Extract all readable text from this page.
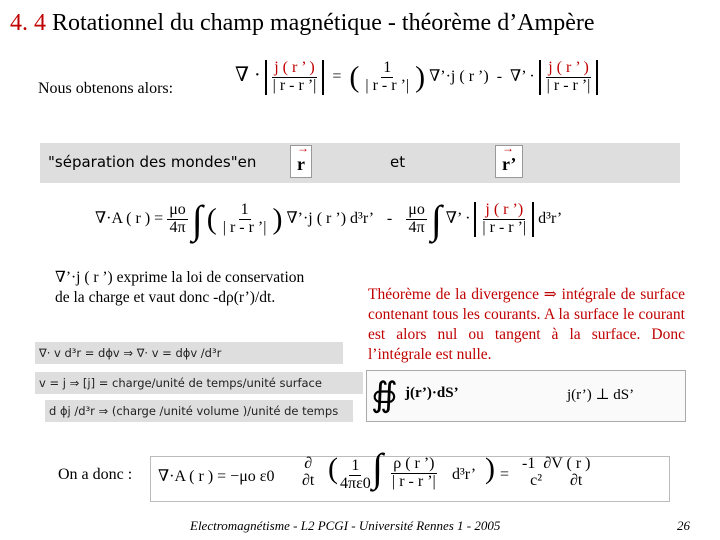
4. 4 Rotationnel du champ magnétique - théorème d’Ampère
Nous obtenons alors:
∇ · $\frac{j ( r ’ )}{| r - r ’|}$ = ( $\frac{1}{| r - r ’|}$ ) ∇’·j ( r ’) - ∇’ · $\frac{j ( r ’ )}{| r - r ’|}$
"séparation des mondes"en	→ r	et	→ r’
∇·A ( r ) = $\frac{\mu o}{4\pi}$ ∫ ( $\frac{1}{| r - r ’|}$ ) ∇’·j ( r ’) d³r’ - $\frac{\mu o}{4\pi}$ ∫ ∇’ · $\frac{j ( r ’)}{| r - r ’|} d^3r$’
∇’·j ( r ’) exprime la loi de conservation de la charge et vaut donc -dρ(r’)/dt.	Théorème de la divergence ⇒ intégrale de surface contenant tous les courants. A la surface le courant est alors nul ou tangent à la surface. Donc l’intégrale est nulle.
∇· v d³r = dϕv ⇒ ∇· v = dϕv /d³r
v = j ⇒ [j] = charge/unité de temps/unité surface
d ϕj /d³r ⇒ (charge /unité volume )/unité de temps ∯ j(r’)·dS’	j(r’) ⊥ dS’
On a donc : ∇·A ( r ) = −μo ε0
∂
∂t ( $\frac{1}{4\pi\varepsilon 0}$ ∫ $\frac{\rho ( r ’)}{| r - r ’|} d^3r$’ ) =
-1  ∂V ( r )
c²       ∂t
Electromagnétisme - L2 PCGI - Université Rennes 1 - 2005	26
